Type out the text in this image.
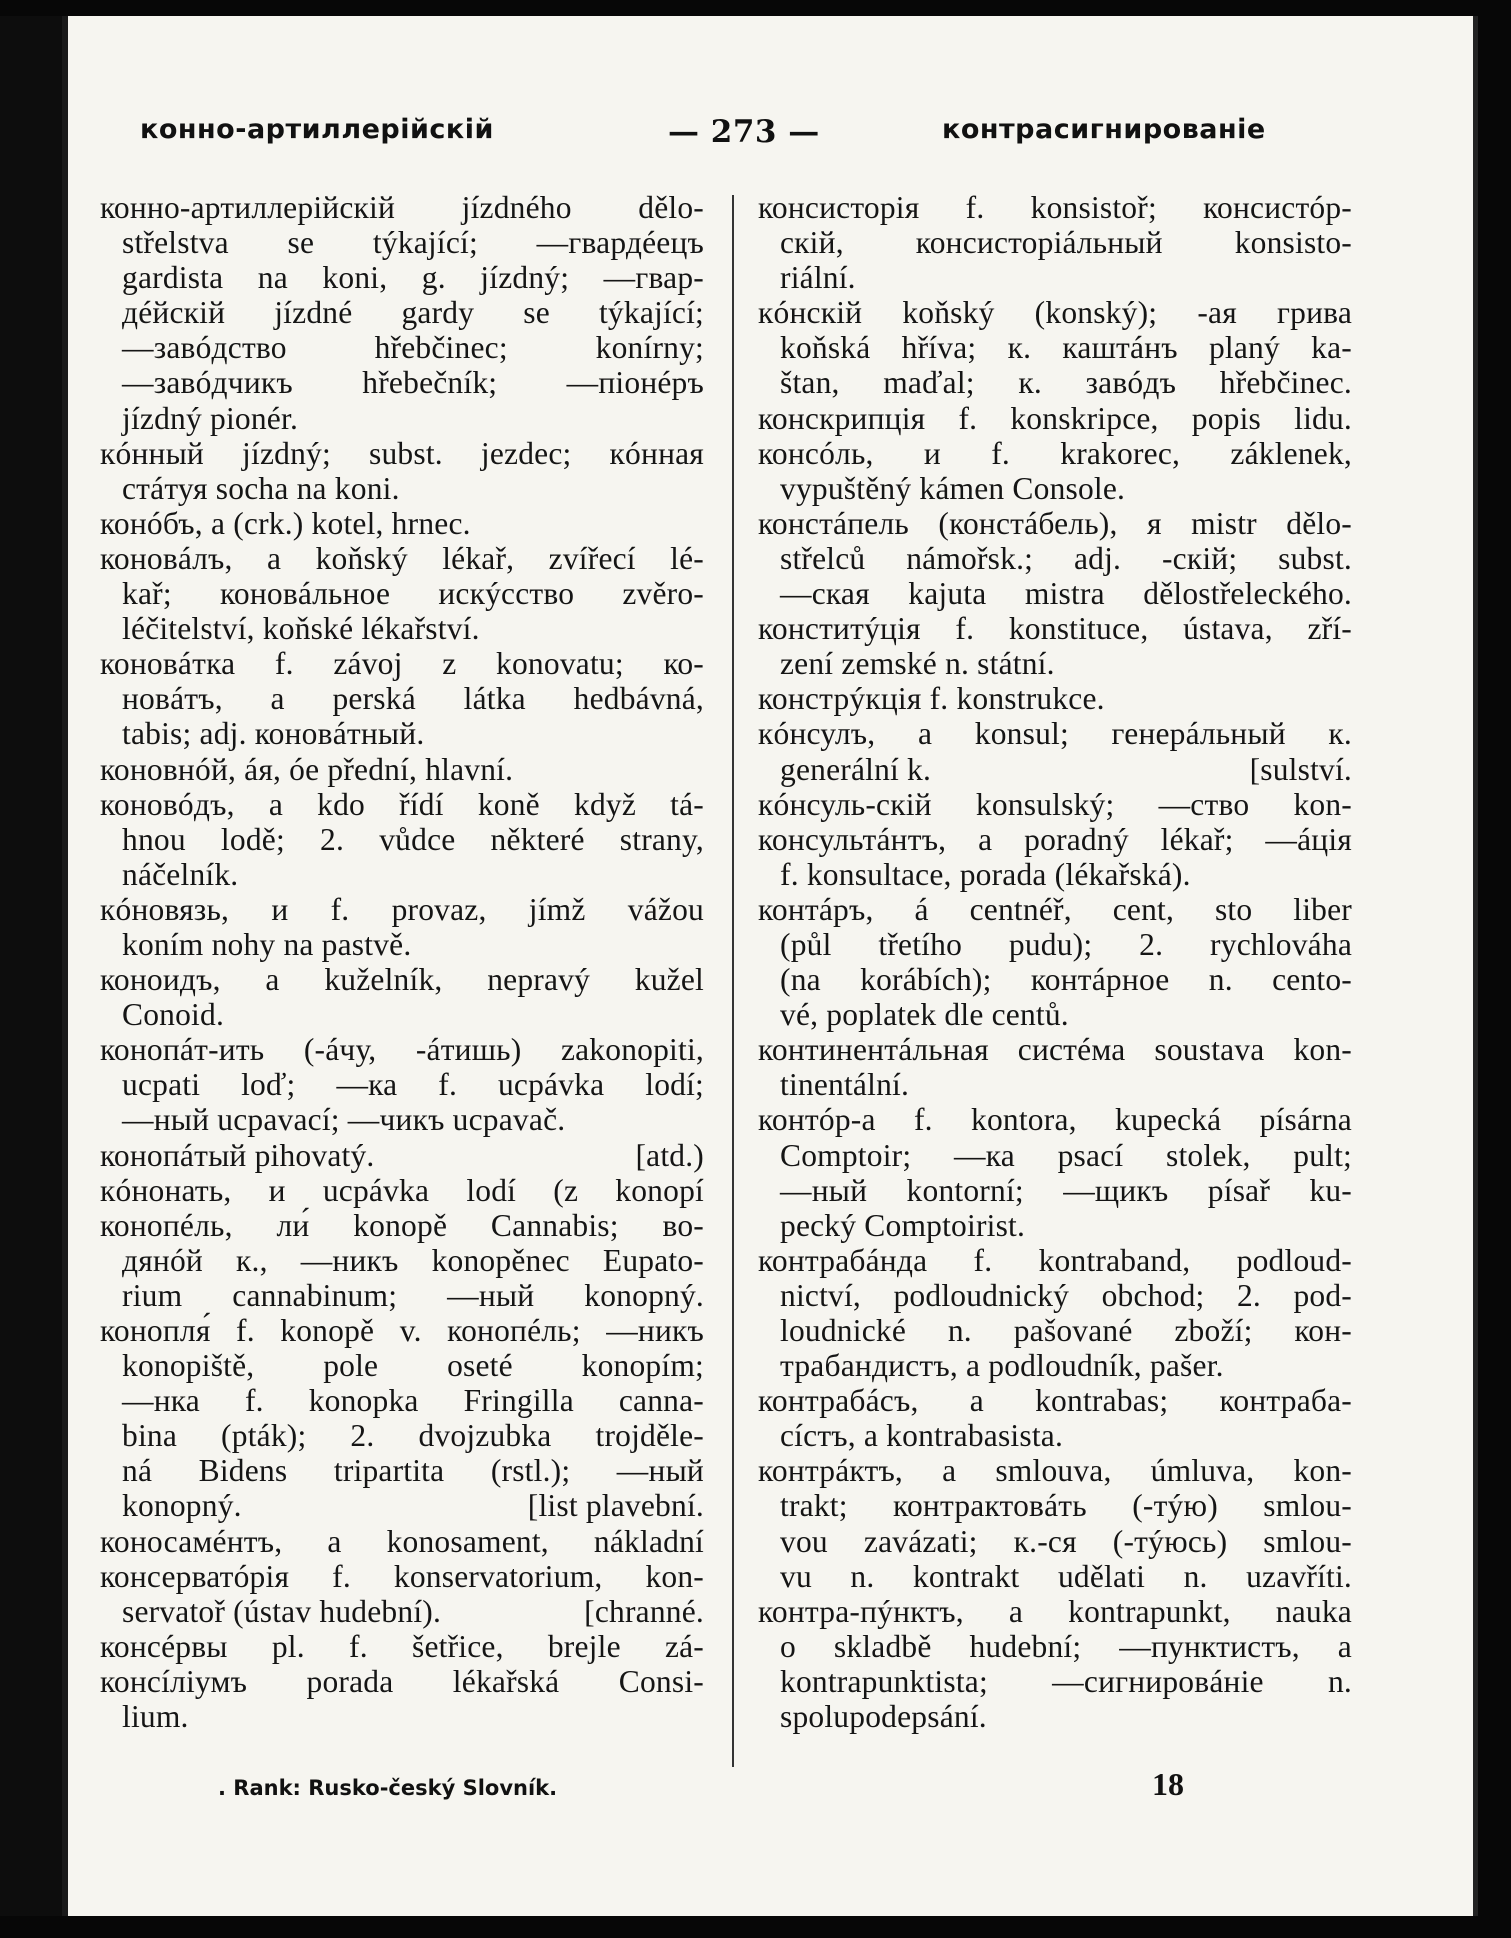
конно-артиллерійскій	— 273 —	контрасигнированіе
конно-артиллерійскій jízdného dělo-
střelstva se týkající; —гвардéецъ
gardista na koni, g. jízdný; —гвар-
дéйскій jízdné gardy se týkající;
—завóдство hřebčinec; konírny;
—завóдчикъ hřebečník; —піонéръ
jízdný pionér.
кóнный jízdný; subst. jezdec; кóнная
стáтуя socha na koni.
конóбъ, a (crk.) kotel, hrnec.
коновáлъ, a koňský lékař, zvířecí lé-
kař; коновáльное искýсство zvěro-
léčitelství, koňské lékařství.
коновáтка f. závoj z konovatu; ко-
новáтъ, a perská látka hedbávná,
tabis; adj. коновáтный.
коновнóй, áя, óе přední, hlavní.
коновóдъ, a kdo řídí koně když tá-
hnou lodě; 2. vůdce některé strany,
náčelník.
кóновязь, и f. provaz, jímž vážou
koním nohy na pastvě.
коноидъ, a kuželník, nepravý kužel
Conoid.
конопáт-ить (-áчу, -áтишь) zakonopiti,
ucpati loď; —ка f. ucpávka lodí;
—ный ucpavací; —чикъ ucpavač.
конопáтый pihovatý.	[atd.)
кóнонать, и ucpávka lodí (z konopí
конопéль, ли́ konopě Cannabis; во-
дянóй к., —никъ konopěnec Eupato-
rium cannabinum; —ный konopný.
конопля́ f. konopě v. конопéль; —никъ
konopiště, pole oseté konopím;
—нка f. konopka Fringilla canna-
bina (pták); 2. dvojzubka trojděle-
ná Bidens tripartita (rstl.); —ный
konopný.	[list plavební.
коносамéнтъ, a konosament, nákladní
консерватóрія f. konservatorium, kon-
servatoř (ústav hudební).	[chranné.
консéрвы pl. f. šetřice, brejle zá-
консíліумъ porada lékařská Consi-
lium.
консисторія f. konsistoř; консистóр-
скій, консисторіáльный konsisto-
riální.
кóнскій koňský (konský); -ая грива
koňská hříva; к. каштáнъ planý ka-
štan, maďal; к. завóдъ hřebčinec.
конскрипція f. konskripce, popis lidu.
консóль, и f. krakorec, záklenek,
vypuštěný kámen Console.
констáпель (констáбель), я mistr dělo-
střelců námořsk.; adj. -скій; subst.
—ская kajuta mistra dělostřeleckého.
конститýція f. konstituce, ústava, zří-
zení zemské n. státní.
констрýкція f. konstrukce.
кóнсулъ, a konsul; генерáльный к.
generální k.	[sulství.
кóнсуль-скій konsulský; —ство kon-
консультáнтъ, a poradný lékař; —áція
f. konsultace, porada (lékařská).
контáръ, á centnéř, cent, sto liber
(půl třetího pudu); 2. rychlováha
(na korábích); контáрное n. cento-
vé, poplatek dle centů.
континентáльная систéма soustava kon-
tinentální.
контóр-а f. kontora, kupecká písárna
Comptoir; —ка psací stolek, pult;
—ный kontorní; —щикъ písař ku-
pecký Comptoirist.
контрабáнда f. kontraband, podloud-
nictví, podloudnický obchod; 2. pod-
loudnické n. pašované zboží; кон-
трабандистъ, a podloudník, pašer.
контрабáсъ, a kontrabas; контраба-
сíстъ, a kontrabasista.
контрáктъ, a smlouva, úmluva, kon-
trakt; контрактовáть (-тýю) smlou-
vou zavázati; к.-ся (-тýюсь) smlou-
vu n. kontrakt udělati n. uzavříti.
контра-пýнктъ, a kontrapunkt, nauka
o skladbě hudební; —пунктистъ, a
kontrapunktista; —сигнировáніе n.
spolupodepsání.
. Rank: Rusko-český Slovník.	18
